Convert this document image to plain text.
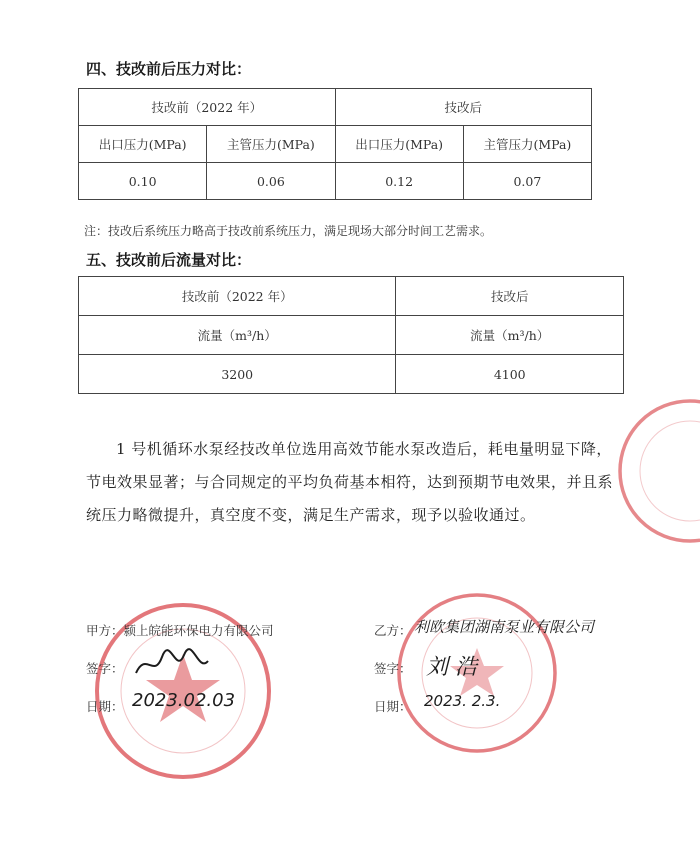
四、技改前后压力对比：
技改前（2022 年）		技改后	
出口压力(MPa)	主管压力(MPa)	出口压力(MPa)	主管压力(MPa)
0.10	0.06	0.12	0.07
注：技改后系统压力略高于技改前系统压力，满足现场大部分时间工艺需求。
五、技改前后流量对比：
技改前（2022 年）	技改后
流量（m³/h）	流量（m³/h）
3200	4100
1 号机循环水泵经技改单位选用高效节能水泵改造后，耗电量明显下降，节电效果显著；与合同规定的平均负荷基本相符，达到预期节电效果，并且系统压力略微提升，真空度不变，满足生产需求，现予以验收通过。
甲方：颍上皖能环保电力有限公司
签字：
日期： 2023.02.03
乙方： 利欧集团湖南泵业有限公司
签字： 刘 浩
日期： 2023. 2.3.
